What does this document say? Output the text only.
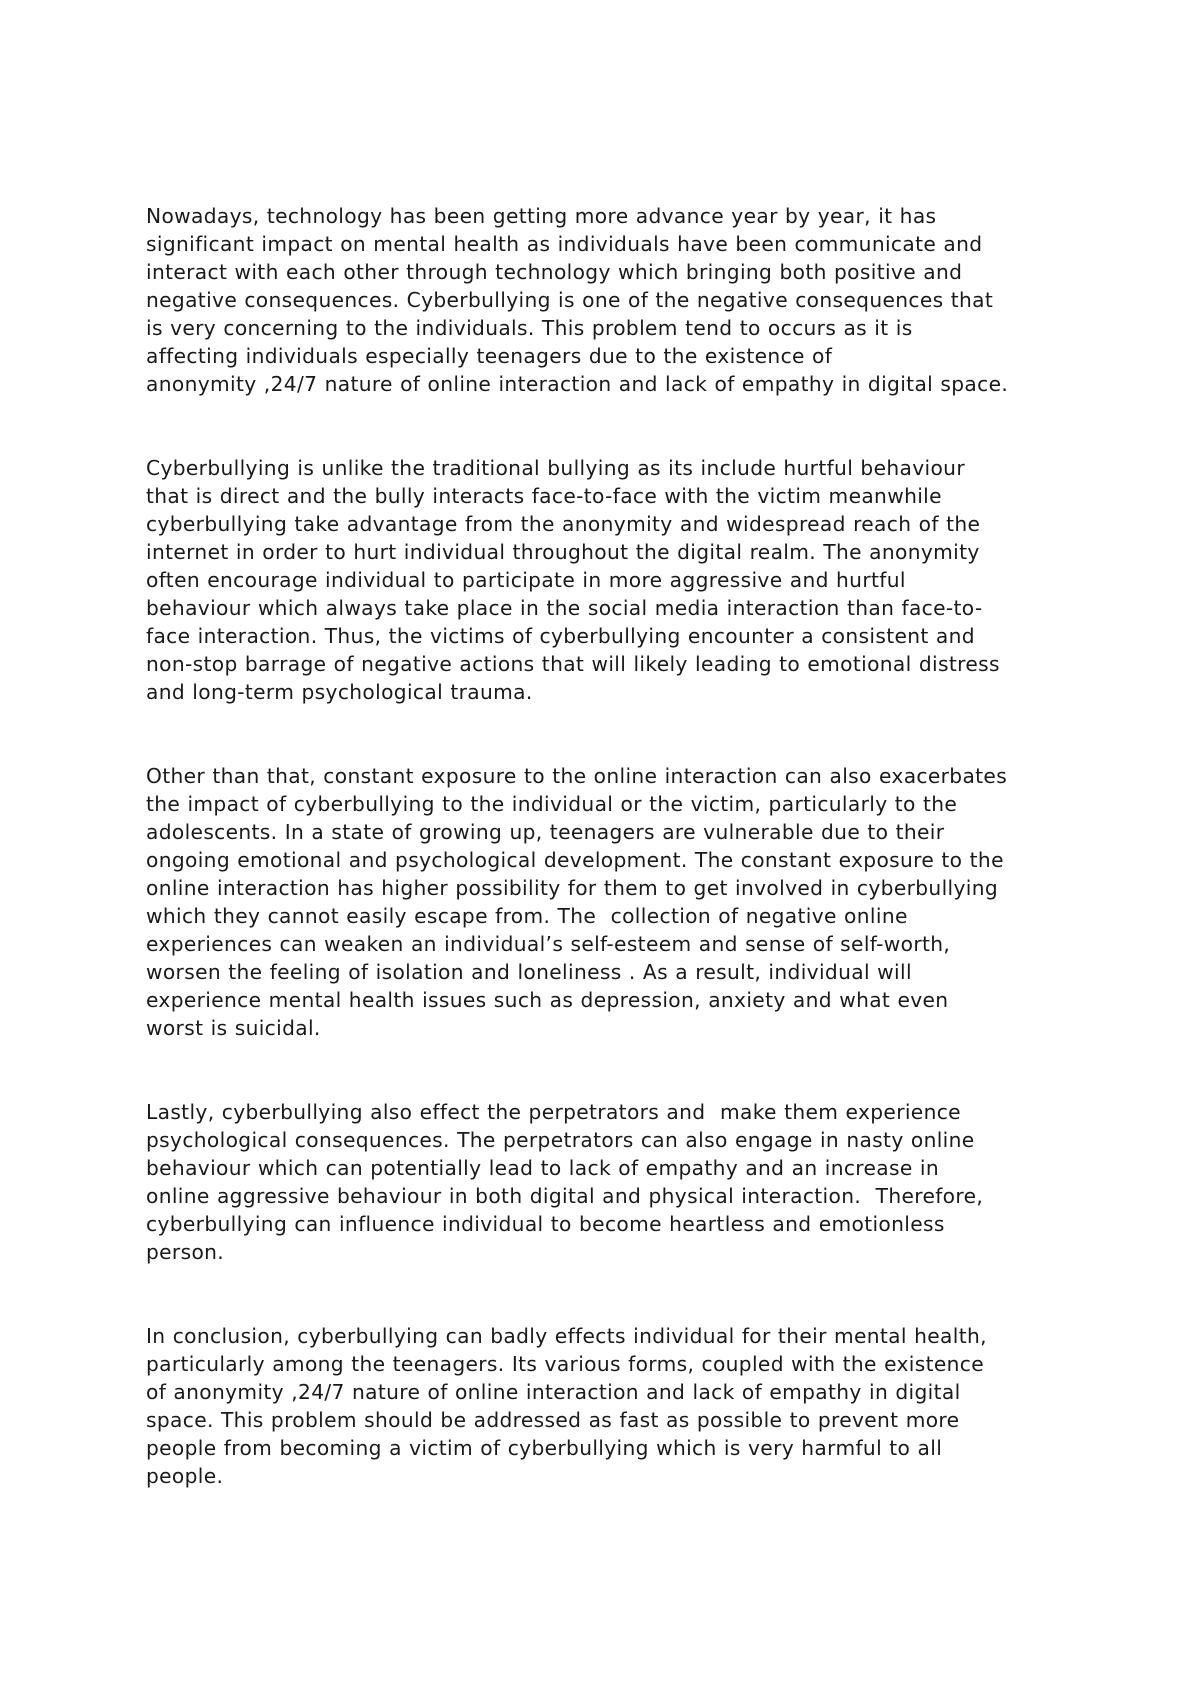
Nowadays, technology has been getting more advance year by year, it has
significant impact on mental health as individuals have been communicate and
interact with each other through technology which bringing both positive and
negative consequences. Cyberbullying is one of the negative consequences that
is very concerning to the individuals. This problem tend to occurs as it is
affecting individuals especially teenagers due to the existence of
anonymity ,24/7 nature of online interaction and lack of empathy in digital space.
Cyberbullying is unlike the traditional bullying as its include hurtful behaviour
that is direct and the bully interacts face-to-face with the victim meanwhile
cyberbullying take advantage from the anonymity and widespread reach of the
internet in order to hurt individual throughout the digital realm. The anonymity
often encourage individual to participate in more aggressive and hurtful
behaviour which always take place in the social media interaction than face-to-
face interaction. Thus, the victims of cyberbullying encounter a consistent and
non-stop barrage of negative actions that will likely leading to emotional distress
and long-term psychological trauma.
Other than that, constant exposure to the online interaction can also exacerbates
the impact of cyberbullying to the individual or the victim, particularly to the
adolescents. In a state of growing up, teenagers are vulnerable due to their
ongoing emotional and psychological development. The constant exposure to the
online interaction has higher possibility for them to get involved in cyberbullying
which they cannot easily escape from. The  collection of negative online
experiences can weaken an individual’s self-esteem and sense of self-worth,
worsen the feeling of isolation and loneliness . As a result, individual will
experience mental health issues such as depression, anxiety and what even
worst is suicidal.
Lastly, cyberbullying also effect the perpetrators and  make them experience
psychological consequences. The perpetrators can also engage in nasty online
behaviour which can potentially lead to lack of empathy and an increase in
online aggressive behaviour in both digital and physical interaction.  Therefore,
cyberbullying can influence individual to become heartless and emotionless
person.
In conclusion, cyberbullying can badly effects individual for their mental health,
particularly among the teenagers. Its various forms, coupled with the existence
of anonymity ,24/7 nature of online interaction and lack of empathy in digital
space. This problem should be addressed as fast as possible to prevent more
people from becoming a victim of cyberbullying which is very harmful to all
people.
